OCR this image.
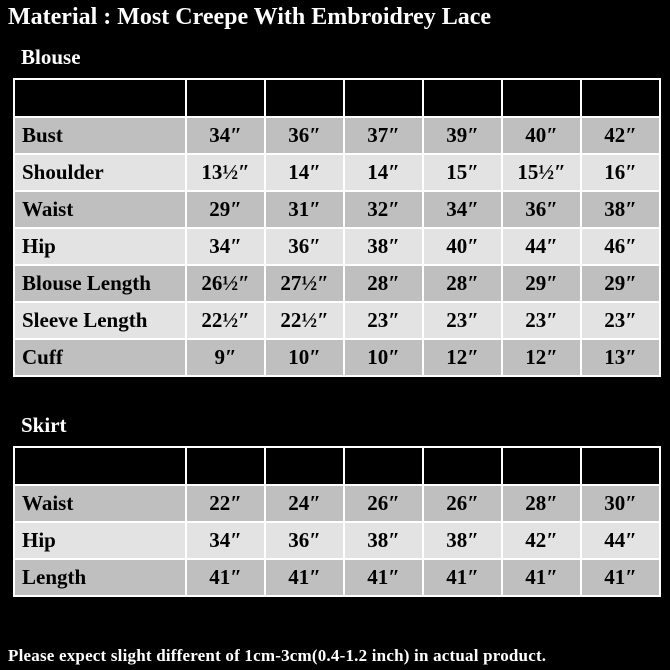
Material : Most Creepe With Embroidrey Lace
Blouse
Size (Inch)	34	36	38	40	42	44
Bust	34″	36″	37″	39″	40″	42″
Shoulder	13½″	14″	14″	15″	15½″	16″
Waist	29″	31″	32″	34″	36″	38″
Hip	34″	36″	38″	40″	44″	46″
Blouse Length	26½″	27½″	28″	28″	29″	29″
Sleeve Length	22½″	22½″	23″	23″	23″	23″
Cuff	9″	10″	10″	12″	12″	13″
Skirt
Size (Inch)	34	36	38	40	42	44
Waist	22″	24″	26″	26″	28″	30″
Hip	34″	36″	38″	38″	42″	44″
Length	41″	41″	41″	41″	41″	41″
Please expect slight different of 1cm-3cm(0.4-1.2 inch) in actual product.
